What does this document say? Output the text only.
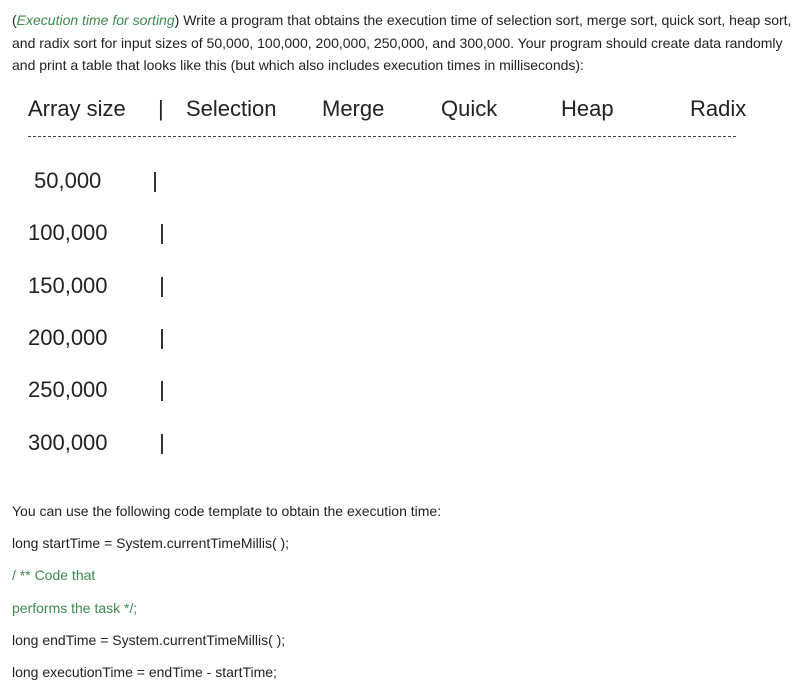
(Execution time for sorting) Write a program that obtains the execution time of selection sort, merge sort, quick sort, heap sort, and radix sort for input sizes of 50,000, 100,000, 200,000, 250,000, and 300,000. Your program should create data randomly and print a table that looks like this (but which also includes execution times in milliseconds):
Array size | Selection Merge	Quick	Heap	Radix
50,000
100,000
150,000
200,000
250,000
300,000
You can use the following code template to obtain the execution time:
long startTime = System.currentTimeMillis( );
/ ** Code that
performs the task */;
long endTime = System.currentTimeMillis( );
long executionTime = endTime - startTime;
